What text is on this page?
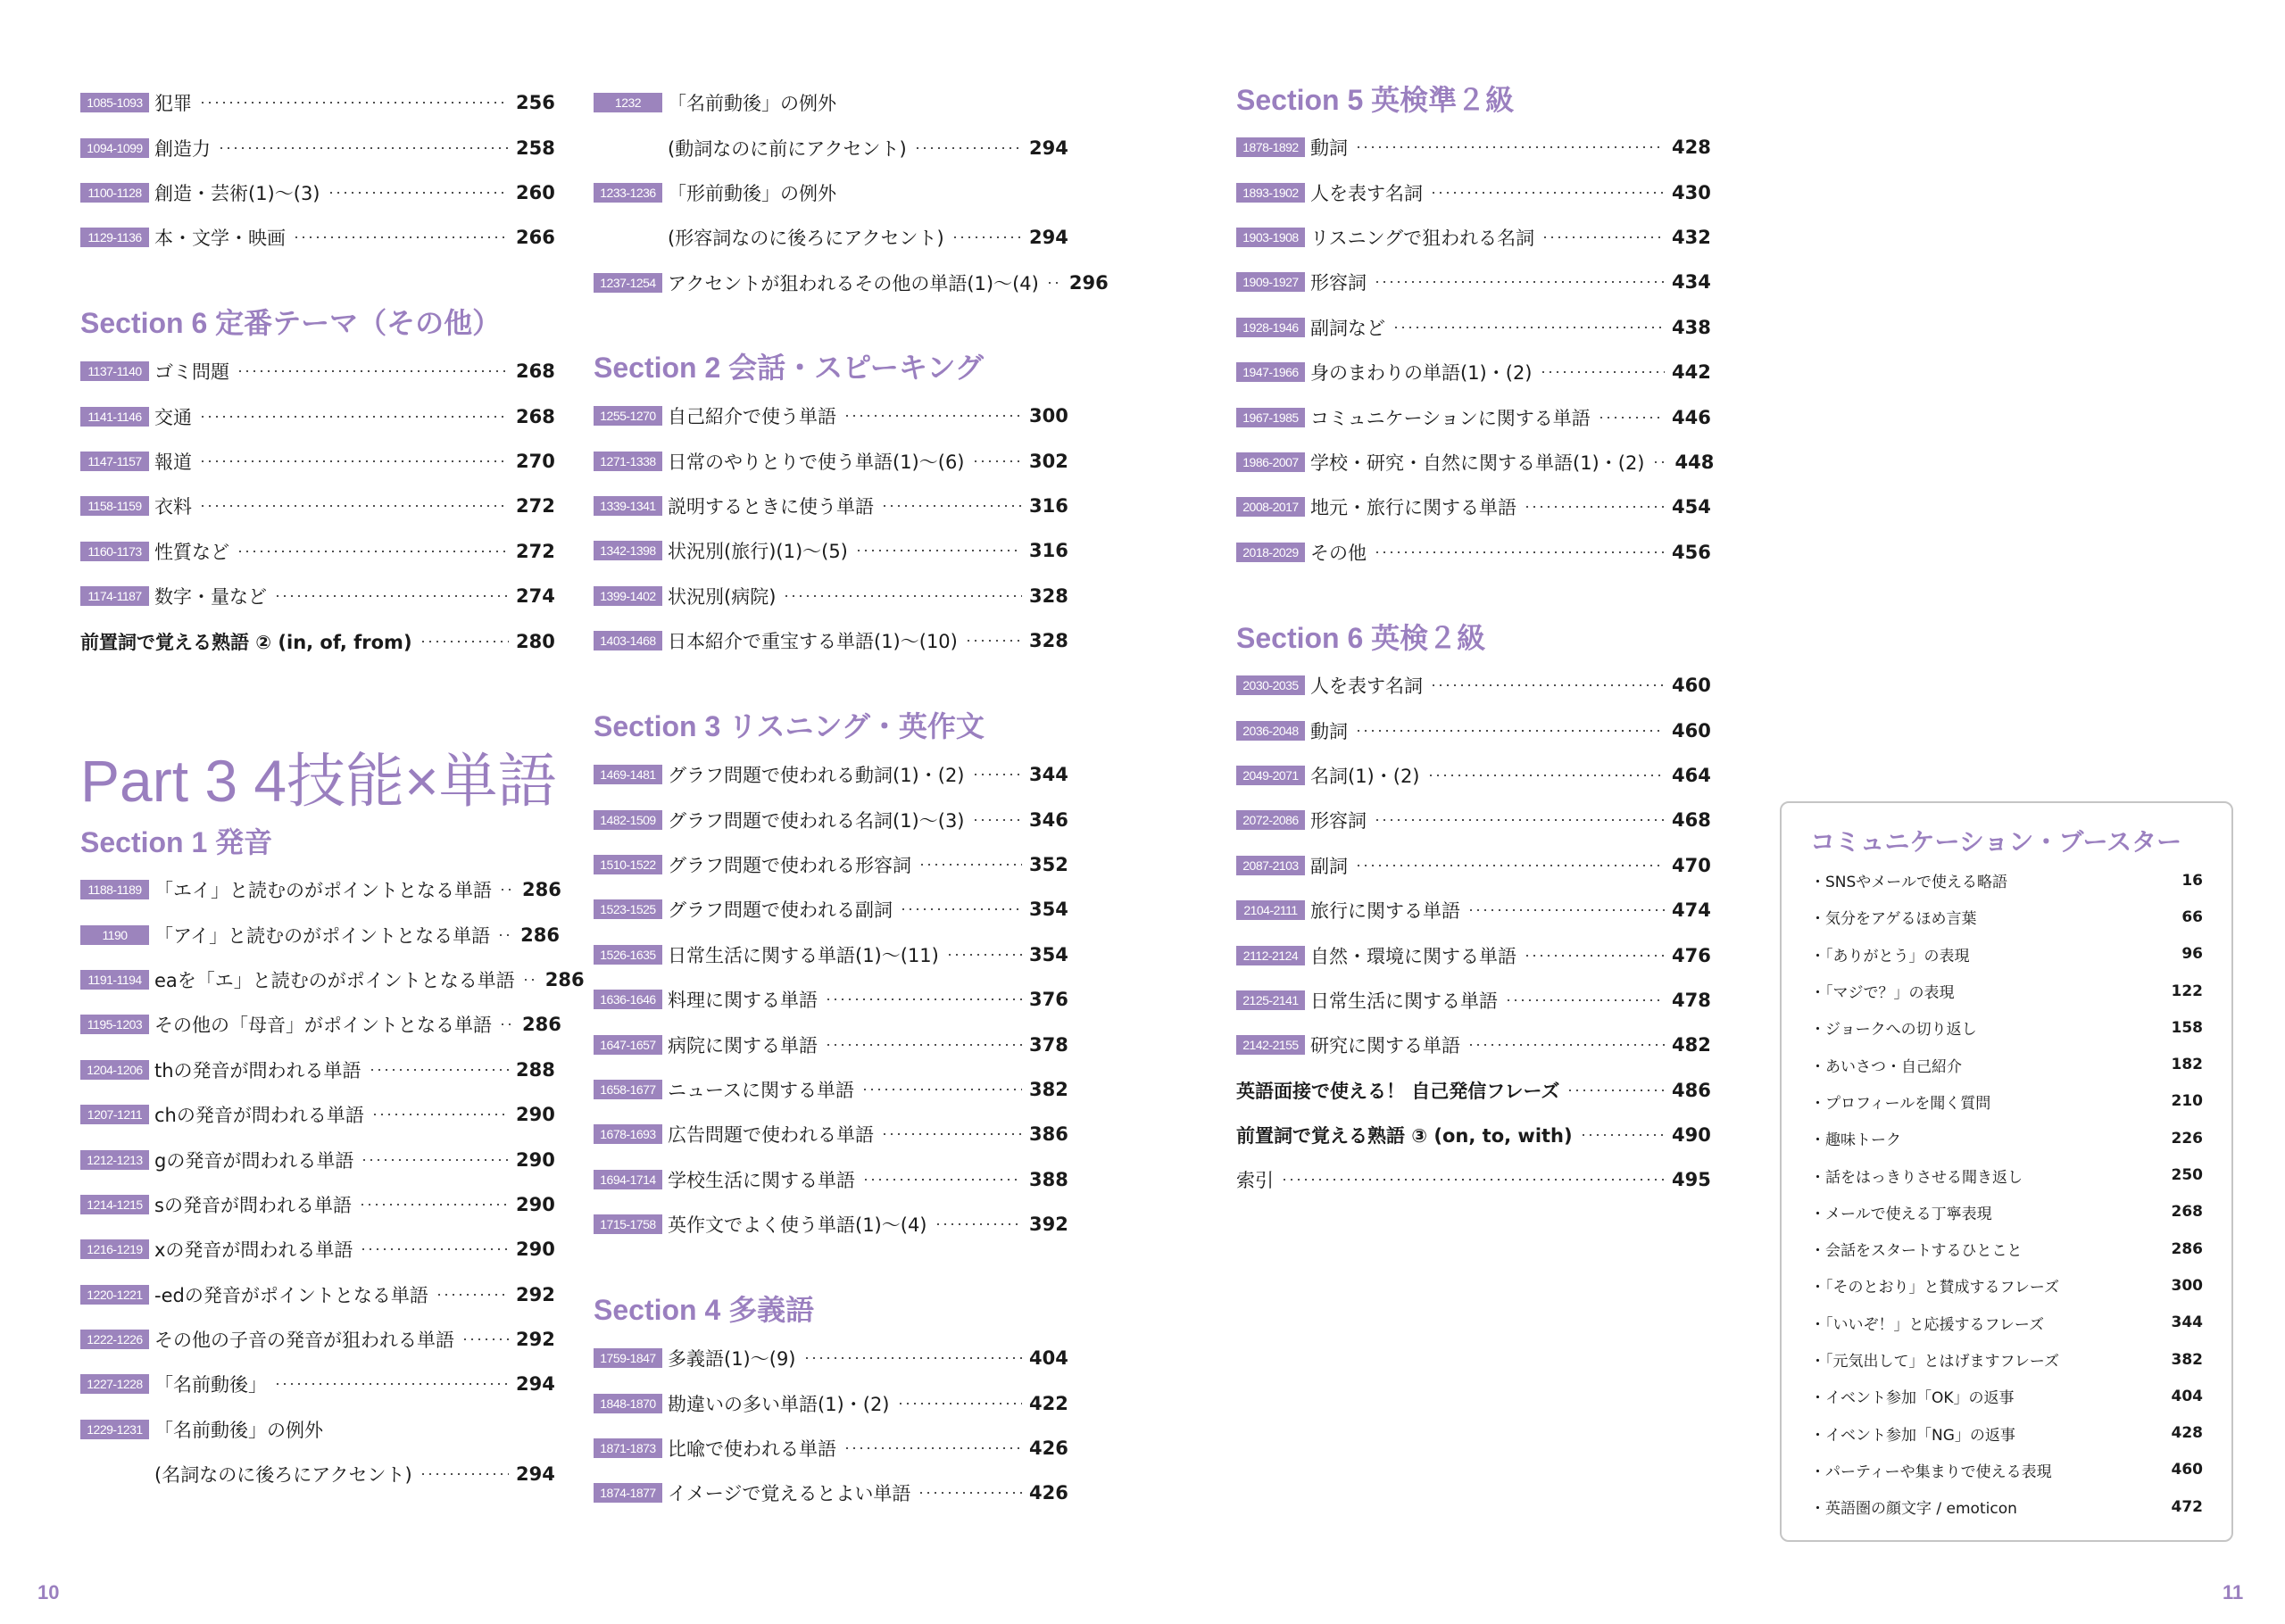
1085-1093 犯罪	256
1094-1099 創造力	258
1100-1128 創造・芸術(1)～(3)	260
1129-1136 本・文学・映画	266
Section 6 定番テーマ（その他）
1137-1140 ゴミ問題	268
1141-1146 交通	268
1147-1157 報道	270
1158-1159 衣料	272
1160-1173 性質など	272
1174-1187 数字・量など	274
前置詞で覚える熟語 ② (in, of, from)	280
Section 1 発音
1188-1189 「エイ」と読むのがポイントとなる単語 286
1190	「アイ」と読むのがポイントとなる単語 286
1191-1194 eaを「エ」と読むのがポイントとなる単語 286
1195-1203 その他の「母音」がポイントとなる単語 286
1204-1206 thの発音が問われる単語	288
1207-1211 chの発音が問われる単語	290
1212-1213 gの発音が問われる単語	290
1214-1215 sの発音が問われる単語	290
1216-1219 xの発音が問われる単語	290
1220-1221 -edの発音がポイントとなる単語	292
1222-1226 その他の子音の発音が狙われる単語	292
1227-1228 「名前動後」	294
1229-1231 「名前動後」の例外
(名詞なのに後ろにアクセント)	294
Part 3 4技能×単語
1232	「名前動後」の例外
(動詞なのに前にアクセント)	294
1233-1236 「形前動後」の例外
(形容詞なのに後ろにアクセント)	294
1237-1254 アクセントが狙われるその他の単語(1)～(4) 296
Section 2 会話・スピーキング
1255-1270 自己紹介で使う単語	300
1271-1338 日常のやりとりで使う単語(1)～(6)	302
1339-1341 説明するときに使う単語	316
1342-1398 状況別(旅行)(1)～(5)	316
1399-1402 状況別(病院)	328
1403-1468 日本紹介で重宝する単語(1)～(10)	328
Section 3 リスニング・英作文
1469-1481 グラフ問題で使われる動詞(1)・(2)	344
1482-1509 グラフ問題で使われる名詞(1)～(3)	346
1510-1522 グラフ問題で使われる形容詞	352
1523-1525 グラフ問題で使われる副詞	354
1526-1635 日常生活に関する単語(1)～(11)	354
1636-1646 料理に関する単語	376
1647-1657 病院に関する単語	378
1658-1677 ニュースに関する単語	382
1678-1693 広告問題で使われる単語	386
1694-1714 学校生活に関する単語	388
1715-1758 英作文でよく使う単語(1)～(4)	392
Section 4 多義語
1759-1847 多義語(1)～(9)	404
1848-1870 勘違いの多い単語(1)・(2)	422
1871-1873 比喩で使われる単語	426
1874-1877 イメージで覚えるとよい単語	426
Section 5 英検準２級
1878-1892 動詞	428
1893-1902 人を表す名詞	430
1903-1908 リスニングで狙われる名詞	432
1909-1927 形容詞	434
1928-1946 副詞など	438
1947-1966 身のまわりの単語(1)・(2)	442
1967-1985 コミュニケーションに関する単語	446
1986-2007 学校・研究・自然に関する単語(1)・(2) 448
2008-2017 地元・旅行に関する単語	454
2018-2029 その他	456
Section 6 英検２級
2030-2035 人を表す名詞	460
2036-2048 動詞	460
2049-2071 名詞(1)・(2)	464
2072-2086 形容詞	468
2087-2103 副詞	470
2104-2111 旅行に関する単語	474
2112-2124 自然・環境に関する単語	476
2125-2141 日常生活に関する単語	478
2142-2155 研究に関する単語	482
英語面接で使える！ 自己発信フレーズ	486
前置詞で覚える熟語 ③ (on, to, with)	490
索引	495
コミュニケーション・ブースター
・SNSやメールで使える略語	16
・気分をアゲるほめ言葉	66
・「ありがとう」の表現	96
・「マジで？」の表現	122
・ジョークへの切り返し	158
・あいさつ・自己紹介	182
・プロフィールを聞く質問	210
・趣味トーク	226
・話をはっきりさせる聞き返し	250
・メールで使える丁寧表現	268
・会話をスタートするひとこと	286
・「そのとおり」と賛成するフレーズ	300
・「いいぞ！」と応援するフレーズ	344
・「元気出して」とはげますフレーズ	382
・イベント参加「OK」の返事	404
・イベント参加「NG」の返事	428
・パーティーや集まりで使える表現	460
・英語圏の顔文字 / emoticon	472
10	11
